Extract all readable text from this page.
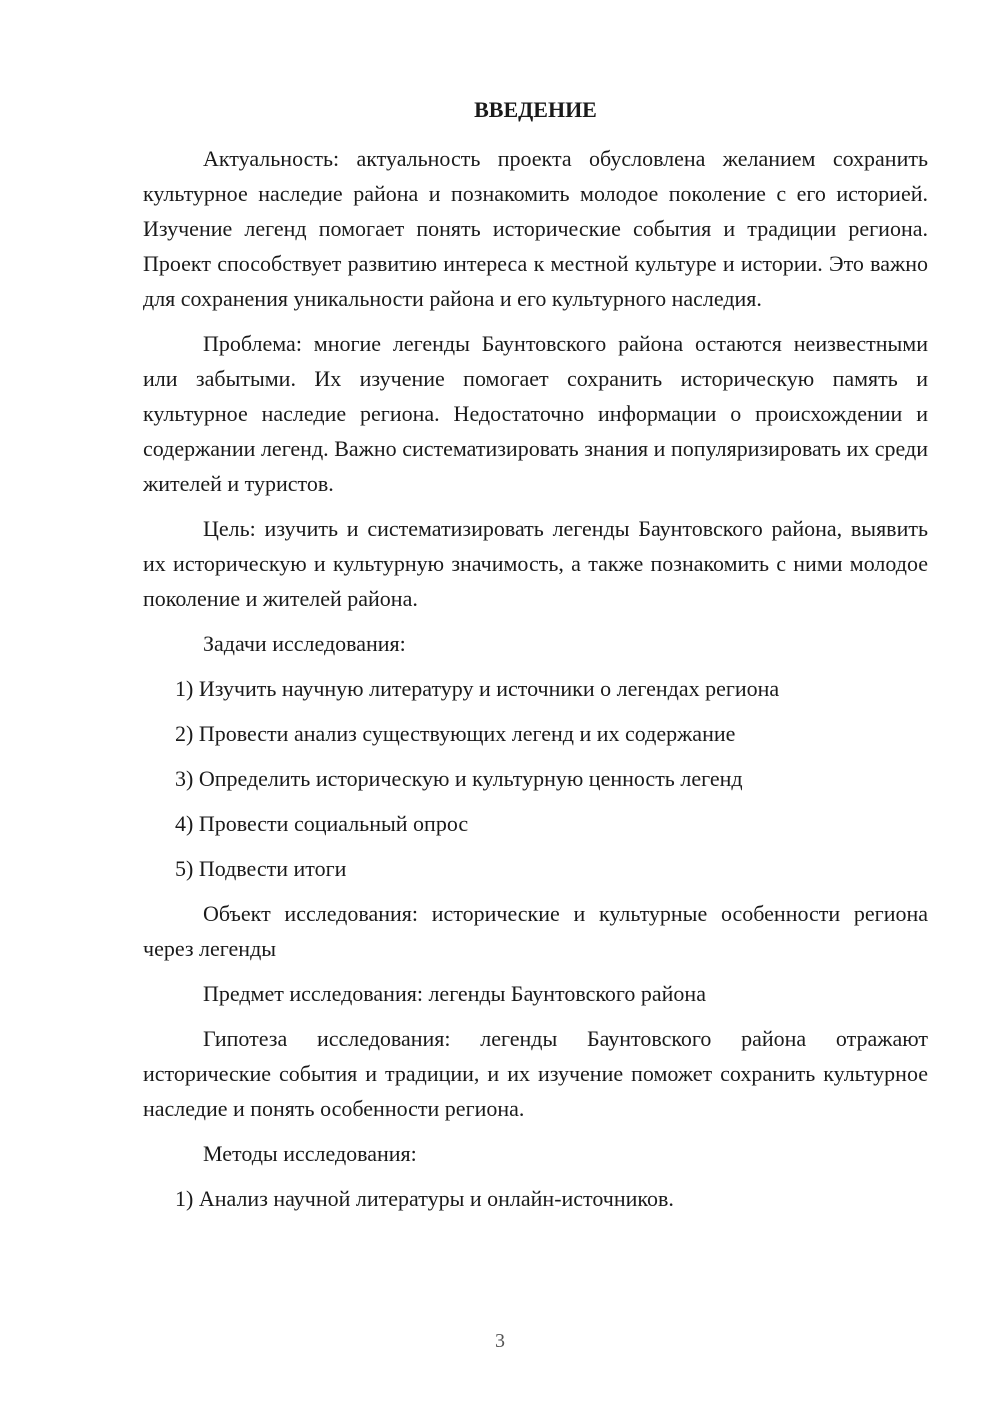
ВВЕДЕНИЕ

Актуальность: актуальность проекта обусловлена желанием сохранить культурное наследие района и познакомить молодое поколение с его историей. Изучение легенд помогает понять исторические события и традиции региона. Проект способствует развитию интереса к местной культуре и истории. Это важно для сохранения уникальности района и его культурного наследия.

Проблема: многие легенды Баунтовского района остаются неизвестными или забытыми. Их изучение помогает сохранить историческую память и культурное наследие региона. Недостаточно информации о происхождении и содержании легенд. Важно систематизировать знания и популяризировать их среди жителей и туристов.

Цель: изучить и систематизировать легенды Баунтовского района, выявить их историческую и культурную значимость, а также познакомить с ними молодое поколение и жителей района.

Задачи исследования:

1) Изучить научную литературу и источники о легендах региона

2) Провести анализ существующих легенд и их содержание

3) Определить историческую и культурную ценность легенд

4) Провести социальный опрос

5) Подвести итоги

Объект исследования: исторические и культурные особенности региона через легенды

Предмет исследования: легенды Баунтовского района

Гипотеза исследования: легенды Баунтовского района отражают исторические события и традиции, и их изучение поможет сохранить культурное наследие и понять особенности региона.

Методы исследования:

1) Анализ научной литературы и онлайн-источников.

3
